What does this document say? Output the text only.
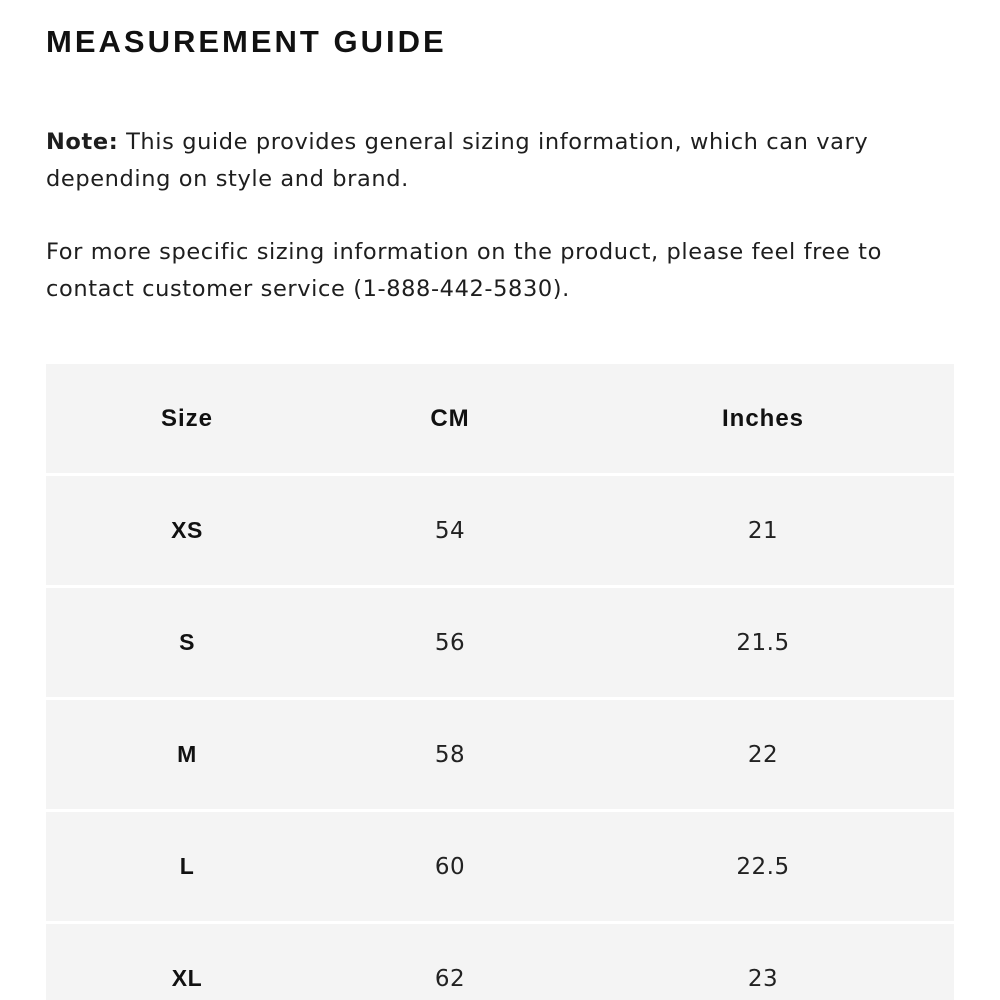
MEASUREMENT GUIDE

Note: This guide provides general sizing information, which can vary depending on style and brand.

For more specific sizing information on the product, please feel free to contact customer service (1-888-442-5830).

Size	CM	Inches
XS	54	21
S	56	21.5
M	58	22
L	60	22.5
XL	62	23
